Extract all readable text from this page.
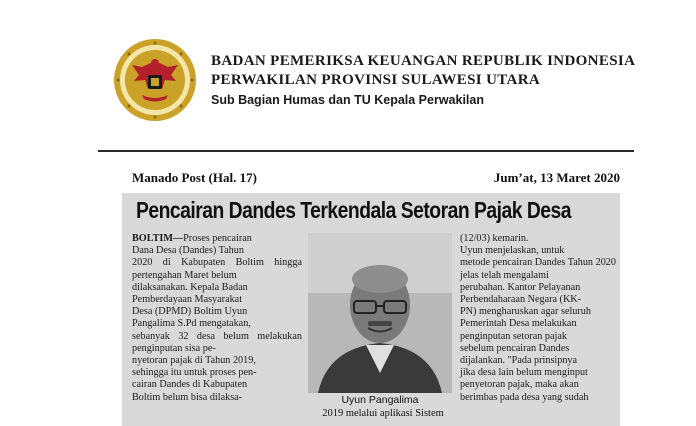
BADAN PEMERIKSA KEUANGAN REPUBLIK INDONESIA
PERWAKILAN PROVINSI SULAWESI UTARA
Sub Bagian Humas dan TU Kepala Perwakilan
Manado Post (Hal. 17)	Jum’at, 13 Maret 2020
Pencairan Dandes Terkendala Setoran Pajak Desa
BOLTIM—Proses pencairan
Dana Desa (Dandes) Tahun
2020 di Kabupaten Boltim hingga pertengahan Maret belum
dilaksanakan. Kepala Badan
Pemberdayaan Masyarakat
Desa (DPMD) Boltim Uyun
Pangalima S.Pd mengatakan,
sebanyak 32 desa belum melakukan penginputan sisa pe-
nyetoran pajak di Tahun 2019,
sehingga itu untuk proses pen-
cairan Dandes di Kabupaten
Boltim belum bisa dilaksa-	Uyun Pangalima
2019 melalui aplikasi Sistem
(12/03) kemarin.
Uyun menjelaskan, untuk
metode pencairan Dandes Tahun 2020 jelas telah mengalami
perubahan. Kantor Pelayanan
Perbendaharaan Negara (KK-
PN) mengharuskan agar seluruh
Pemerintah Desa melakukan
penginputan setoran pajak
sebelum pencairan Dandes
dijalankan. "Pada prinsipnya
jika desa lain belum menginput
penyetoran pajak, maka akan
berimbas pada desa yang sudah
